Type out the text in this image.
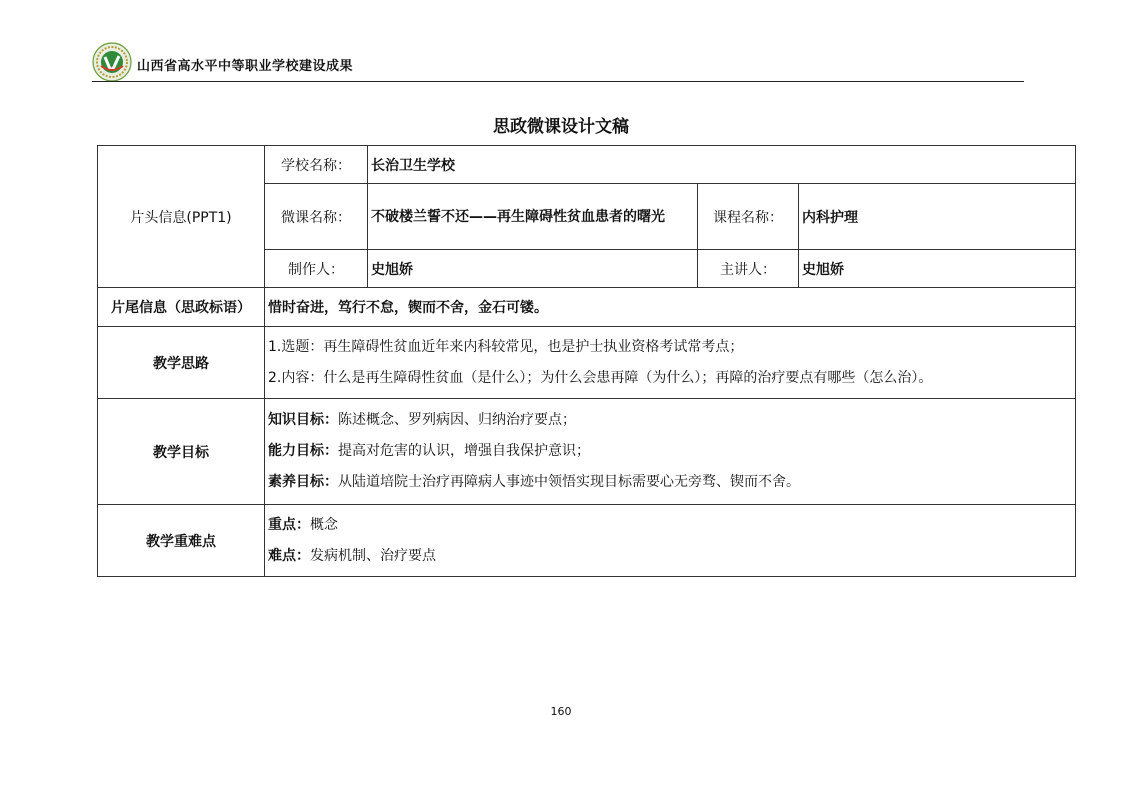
山西省高水平中等职业学校建设成果
思政微课设计文稿
片头信息(PPT1)	学校名称：	长治卫生学校		
	微课名称：	不破楼兰誓不还——再生障碍性贫血患者的曙光	课程名称：	内科护理
	制作人：	史旭娇	主讲人：	史旭娇
片尾信息（思政标语）	惜时奋进，笃行不怠，锲而不舍，金石可镂。			
教学思路	1.选题：再生障碍性贫血近年来内科较常见，也是护士执业资格考试常考点；
2.内容：什么是再生障碍性贫血（是什么）；为什么会患再障（为什么）；再障的治疗要点有哪些（怎么治）。			

教学目标	知识目标：陈述概念、罗列病因、归纳治疗要点；
能力目标：提高对危害的认识，增强自我保护意识；
素养目标：从陆道培院士治疗再障病人事迹中领悟实现目标需要心无旁骛、锲而不舍。			

教学重难点	重点：概念
难点：发病机制、治疗要点			
160
